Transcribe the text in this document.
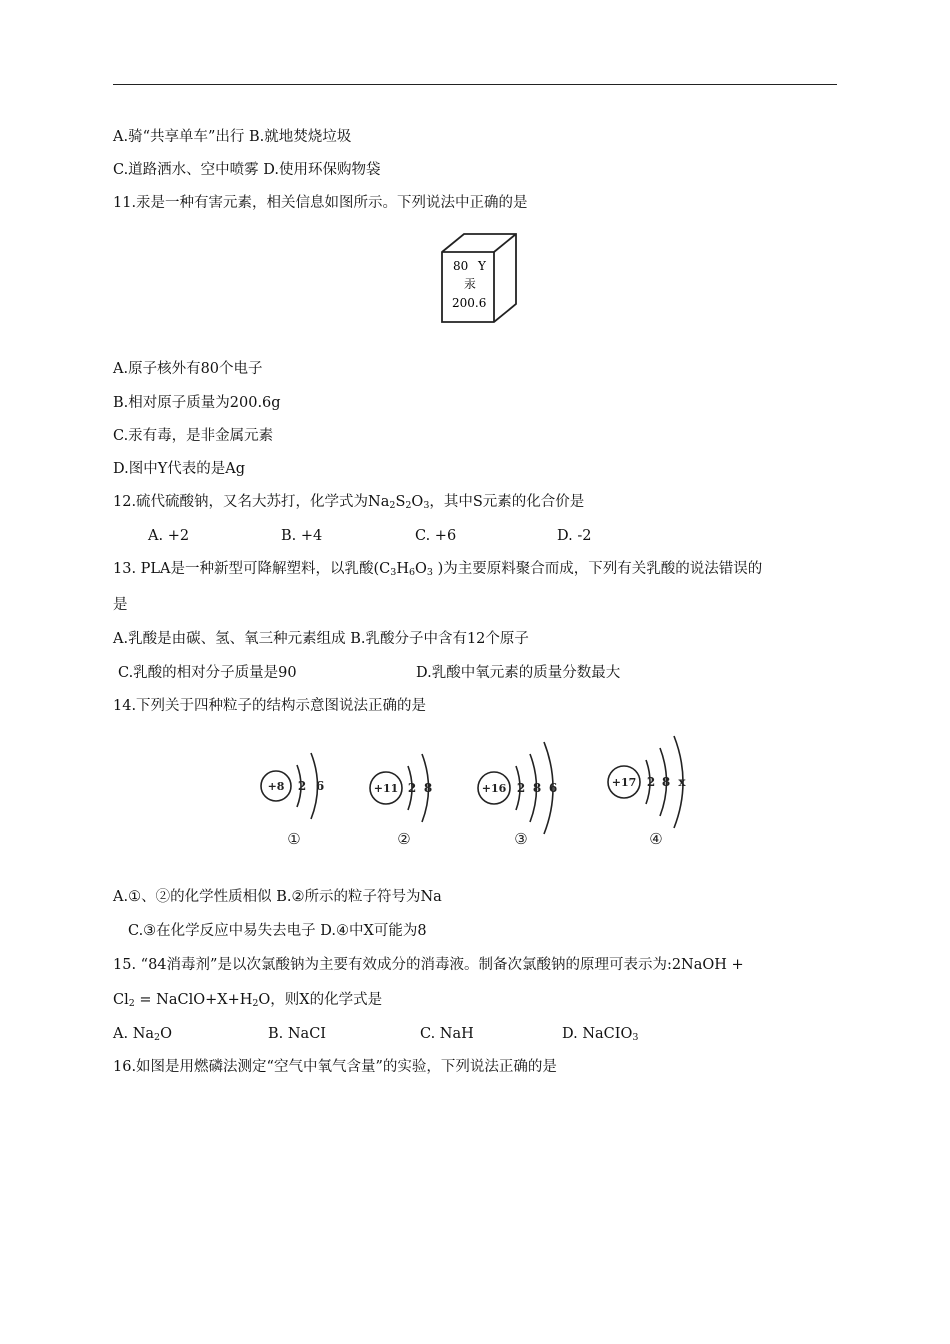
A.骑“共享单车”出行 B.就地焚烧垃圾
C.道路洒水、空中喷雾 D.使用环保购物袋
11.汞是一种有害元素，相关信息如图所示。下列说法中正确的是
80 Y
汞
200.6
A.原子核外有80个电子
B.相对原子质量为200.6g
C.汞有毒，是非金属元素
D.图中Y代表的是Ag
12.硫代硫酸钠，又名大苏打，化学式为$Na_2S_2O_3$，其中S元素的化合价是
A. +2	B. +4	C. +6	D. -2
13. PLA是一种新型可降解塑料，以乳酸($C_3H_6O_3$ )为主要原料聚合而成，下列有关乳酸的说法错误的
是
A.乳酸是由碳、氢、氧三种元素组成 B.乳酸分子中含有12个原子
C.乳酸的相对分子质量是90	D.乳酸中氧元素的质量分数最大
14.下列关于四种粒子的结构示意图说法正确的是
+8 2 6
①
+11 2 8
②
+16 2 8 6
③
+17 2 8 x
④
A.①、②的化学性质相似 B.②所示的粒子符号为Na
C.③在化学反应中易失去电子 D.④中X可能为8
15. “84消毒剂”是以次氯酸钠为主要有效成分的消毒液。制备次氯酸钠的原理可表示为:2NaOH +
$Cl_2$ = $NaClO+X+H_2O$，则X的化学式是
A. $Na_2O$	B. NaCI	C. NaH	D. NaCIO$_3$
16.如图是用燃磷法测定“空气中氧气含量”的实验，下列说法正确的是
